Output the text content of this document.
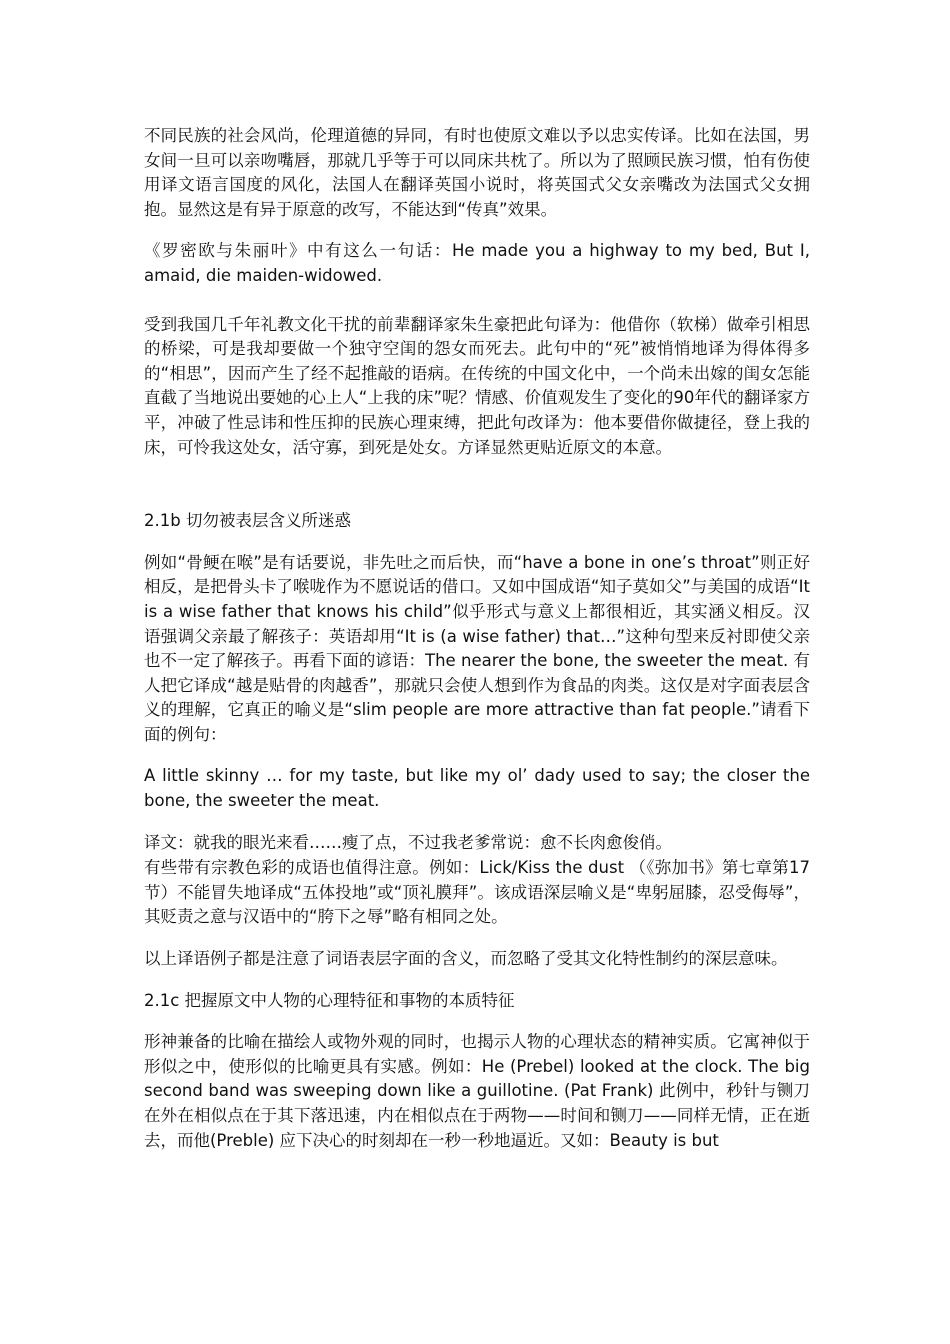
不同民族的社会风尚，伦理道德的异同，有时也使原文难以予以忠实传译。比如在法国，男女间一旦可以亲吻嘴唇，那就几乎等于可以同床共枕了。所以为了照顾民族习惯，怕有伤使用译文语言国度的风化，法国人在翻译英国小说时，将英国式父女亲嘴改为法国式父女拥抱。显然这是有异于原意的改写，不能达到“传真”效果。

《罗密欧与朱丽叶》中有这么一句话：He made you a highway to my bed, But I, amaid, die maiden-widowed.

受到我国几千年礼教文化干扰的前辈翻译家朱生豪把此句译为：他借你（软梯）做牵引相思的桥梁，可是我却要做一个独守空闺的怨女而死去。此句中的“死”被悄悄地译为得体得多的“相思”，因而产生了经不起推敲的语病。在传统的中国文化中，一个尚未出嫁的闺女怎能直截了当地说出要她的心上人“上我的床”呢？情感、价值观发生了变化的90年代的翻译家方平，冲破了性忌讳和性压抑的民族心理束缚，把此句改译为：他本要借你做捷径，登上我的床，可怜我这处女，活守寡，到死是处女。方译显然更贴近原文的本意。

2.1b 切勿被表层含义所迷惑

例如“骨鲠在喉”是有话要说，非先吐之而后快，而“have a bone in one’s throat”则正好相反，是把骨头卡了喉咙作为不愿说话的借口。又如中国成语“知子莫如父”与美国的成语“It is a wise father that knows his child”似乎形式与意义上都很相近，其实涵义相反。汉语强调父亲最了解孩子：英语却用“It is (a wise father) that…”这种句型来反衬即使父亲也不一定了解孩子。再看下面的谚语：The nearer the bone, the sweeter the meat. 有人把它译成“越是贴骨的肉越香”，那就只会使人想到作为食品的肉类。这仅是对字面表层含义的理解，它真正的喻义是“slim people are more attractive than fat people.”请看下面的例句：

A little skinny … for my taste, but like my ol’ dady used to say; the closer the bone, the sweeter the meat.

译文：就我的眼光来看……瘦了点，不过我老爹常说：愈不长肉愈俊俏。

有些带有宗教色彩的成语也值得注意。例如：Lick/Kiss the dust （《弥加书》第七章第17节）不能冒失地译成“五体投地”或“顶礼膜拜”。该成语深层喻义是“卑躬屈膝，忍受侮辱”，其贬责之意与汉语中的“胯下之辱”略有相同之处。

以上译语例子都是注意了词语表层字面的含义，而忽略了受其文化特性制约的深层意味。

2.1c 把握原文中人物的心理特征和事物的本质特征

形神兼备的比喻在描绘人或物外观的同时，也揭示人物的心理状态的精神实质。它寓神似于形似之中，使形似的比喻更具有实感。例如：He (Prebel) looked at the clock. The big second band was sweeping down like a guillotine. (Pat Frank) 此例中，秒针与铡刀在外在相似点在于其下落迅速，内在相似点在于两物——时间和铡刀——同样无情，正在逝去，而他(Preble) 应下决心的时刻却在一秒一秒地逼近。又如：Beauty is but
